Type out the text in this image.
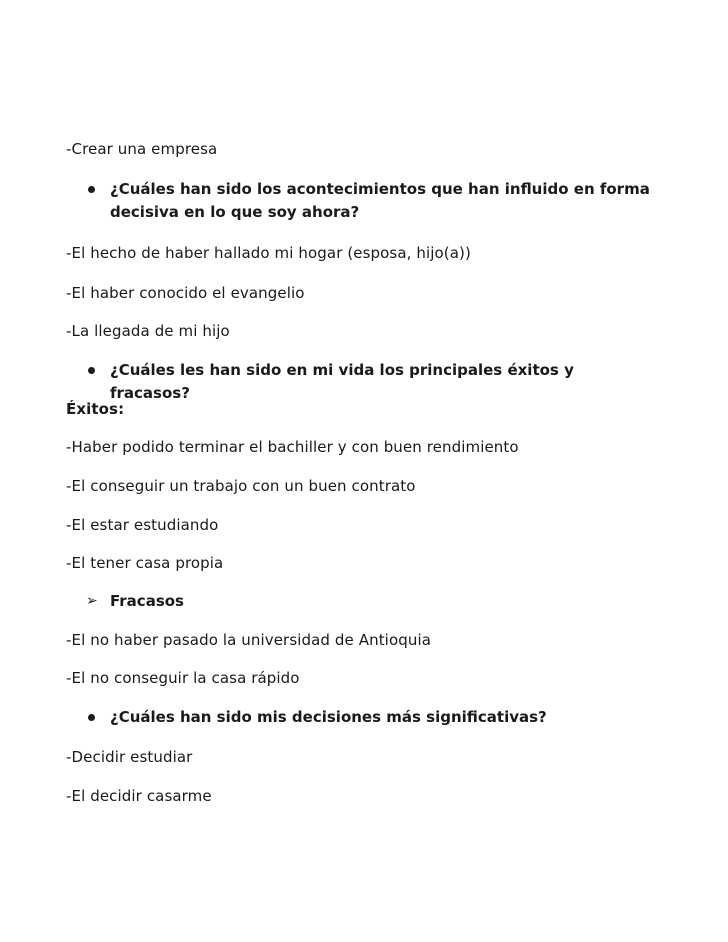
-Crear una empresa
¿Cuáles han sido los acontecimientos que han influido en forma decisiva en lo que soy ahora?
-El hecho de haber hallado mi hogar (esposa, hijo(a))
-El haber conocido el evangelio
-La llegada de mi hijo
¿Cuáles les han sido en mi vida los principales éxitos y fracasos?
Éxitos:
-Haber podido terminar el bachiller y con buen rendimiento
-El conseguir un trabajo con un buen contrato
-El estar estudiando
-El tener casa propia
➢ Fracasos
-El no haber pasado la universidad de Antioquia
-El no conseguir la casa rápido
¿Cuáles han sido mis decisiones más significativas?
-Decidir estudiar
-El decidir casarme
